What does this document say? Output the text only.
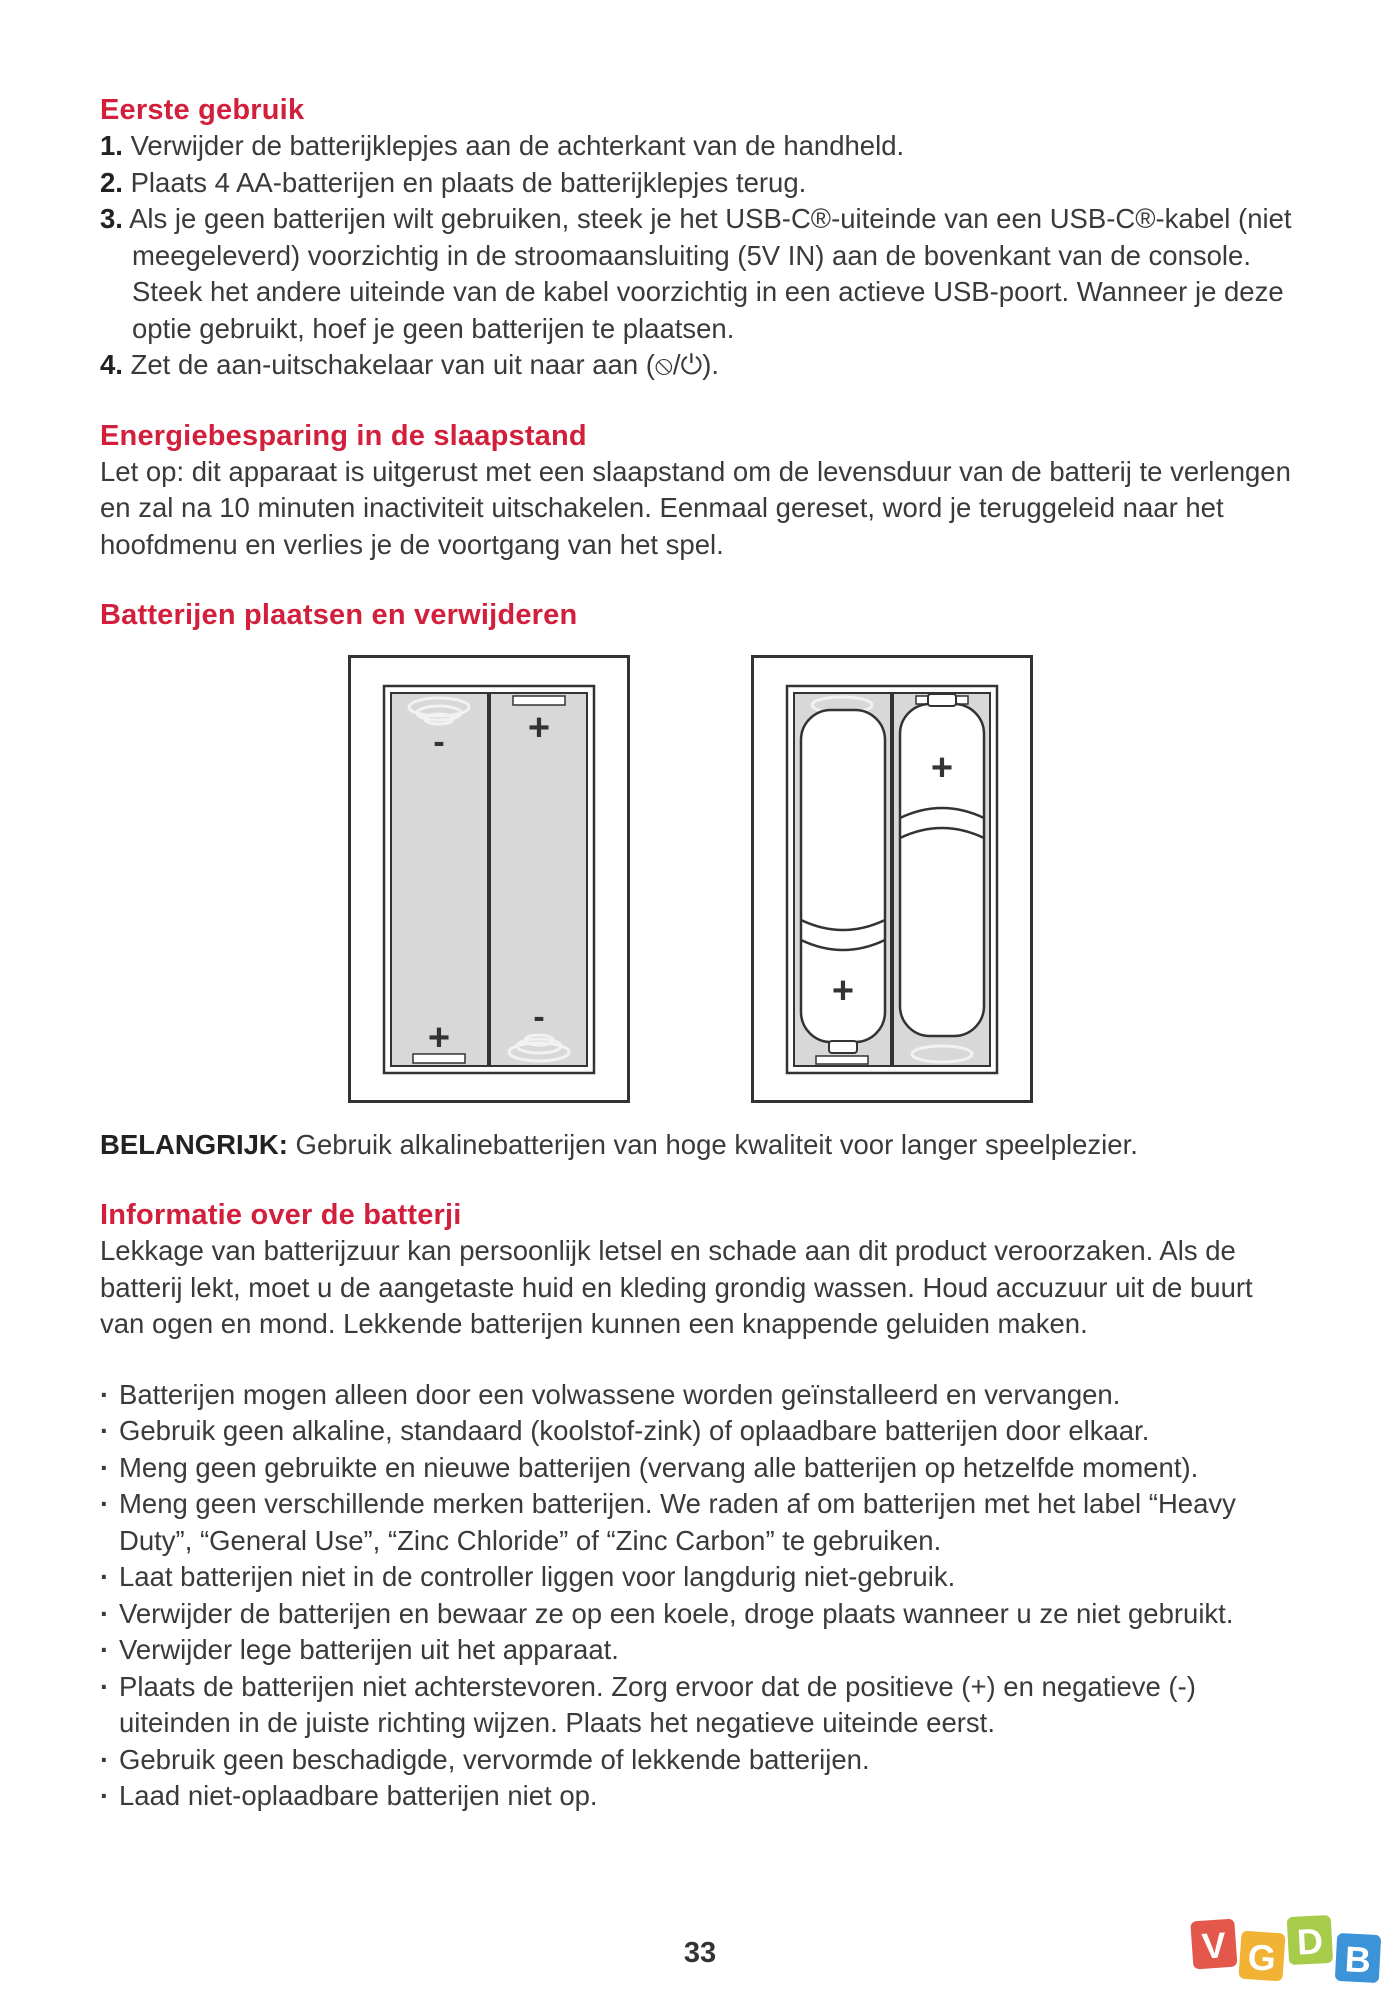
Eerste gebruik
1. Verwijder de batterijklepjes aan de achterkant van de handheld.
2. Plaats 4 AA-batterijen en plaats de batterijklepjes terug.
3. Als je geen batterijen wilt gebruiken, steek je het USB-C®-uiteinde van een USB-C®-kabel (niet meegeleverd) voorzichtig in de stroomaansluiting (5V IN) aan de bovenkant van de console. Steek het andere uiteinde van de kabel voorzichtig in een actieve USB-poort. Wanneer je deze optie gebruikt, hoef je geen batterijen te plaatsen.
4. Zet de aan-uitschakelaar van uit naar aan (⦸/⏻).
Energiebesparing in de slaapstand

Let op: dit apparaat is uitgerust met een slaapstand om de levensduur van de batterij te verlengen en zal na 10 minuten inactiviteit uitschakelen. Eenmaal gereset, word je teruggeleid naar het hoofdmenu en verlies je de voortgang van het spel.

Batterijen plaatsen en verwijderen
- +
+ -
+
+

BELANGRIJK: Gebruik alkalinebatterijen van hoge kwaliteit voor langer speelplezier.

Informatie over de batterji

Lekkage van batterijzuur kan persoonlijk letsel en schade aan dit product veroorzaken. Als de batterij lekt, moet u de aangetaste huid en kleding grondig wassen. Houd accuzuur uit de buurt van ogen en mond. Lekkende batterijen kunnen een knappende geluiden maken.

· Batterijen mogen alleen door een volwassene worden geïnstalleerd en vervangen.
· Gebruik geen alkaline, standaard (koolstof-zink) of oplaadbare batterijen door elkaar.
· Meng geen gebruikte en nieuwe batterijen (vervang alle batterijen op hetzelfde moment).
· Meng geen verschillende merken batterijen. We raden af om batterijen met het label “Heavy Duty”, “General Use”, “Zinc Chloride” of “Zinc Carbon” te gebruiken.
· Laat batterijen niet in de controller liggen voor langdurig niet-gebruik.
· Verwijder de batterijen en bewaar ze op een koele, droge plaats wanneer u ze niet gebruikt.
· Verwijder lege batterijen uit het apparaat.
· Plaats de batterijen niet achterstevoren. Zorg ervoor dat de positieve (+) en negatieve (-) uiteinden in de juiste richting wijzen. Plaats het negatieve uiteinde eerst.
· Gebruik geen beschadigde, vervormde of lekkende batterijen.
· Laad niet-oplaadbare batterijen niet op.
33	V G D B
